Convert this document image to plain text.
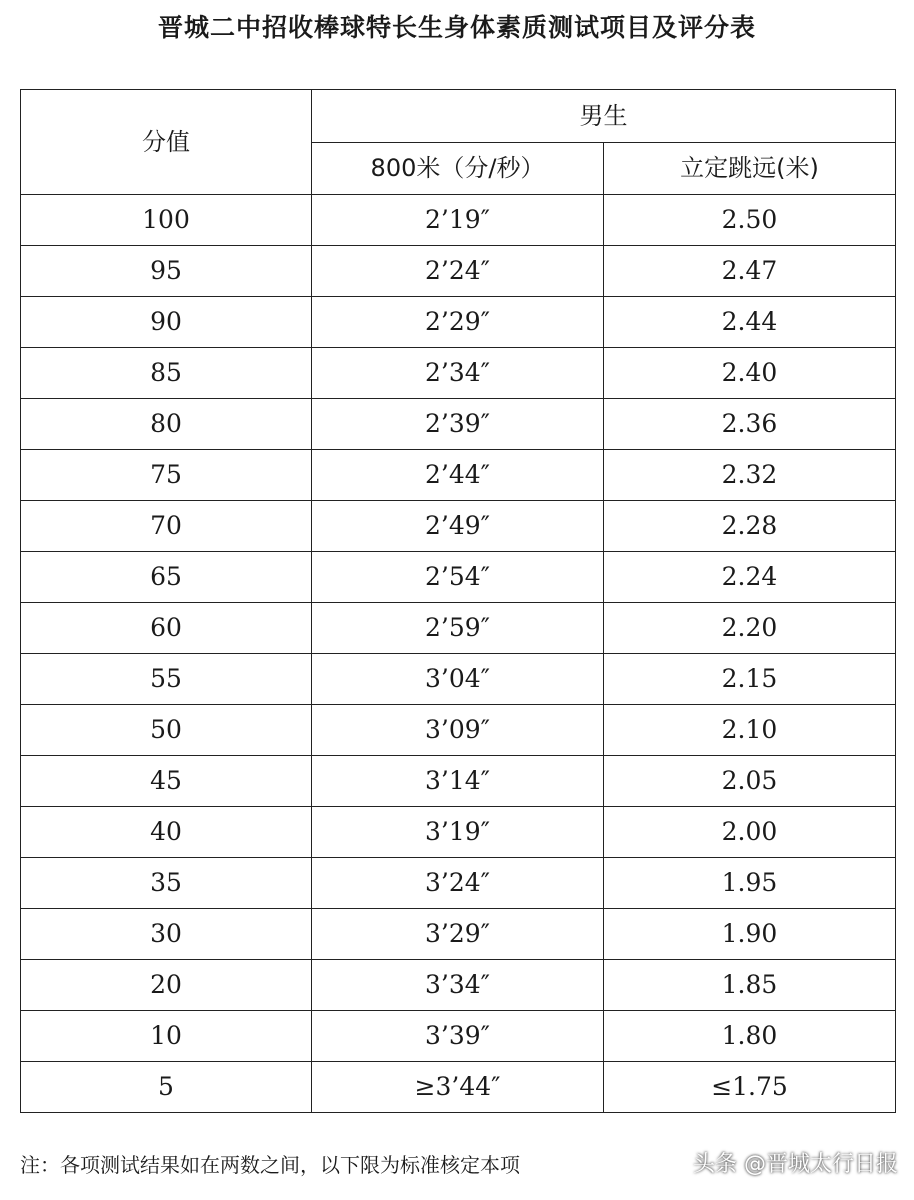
晋城二中招收棒球特长生身体素质测试项目及评分表
分值	男生	
	800米（分/秒）	立定跳远(米)
100	2’19″	2.50
95	2’24″	2.47
90	2’29″	2.44
85	2’34″	2.40
80	2’39″	2.36
75	2’44″	2.32
70	2’49″	2.28
65	2’54″	2.24
60	2’59″	2.20
55	3’04″	2.15
50	3’09″	2.10
45	3’14″	2.05
40	3’19″	2.00
35	3’24″	1.95
30	3’29″	1.90
20	3’34″	1.85
10	3’39″	1.80
5	≥3’44″	≤1.75
注：各项测试结果如在两数之间，以下限为标准核定本项	头条 @晋城太行日报
